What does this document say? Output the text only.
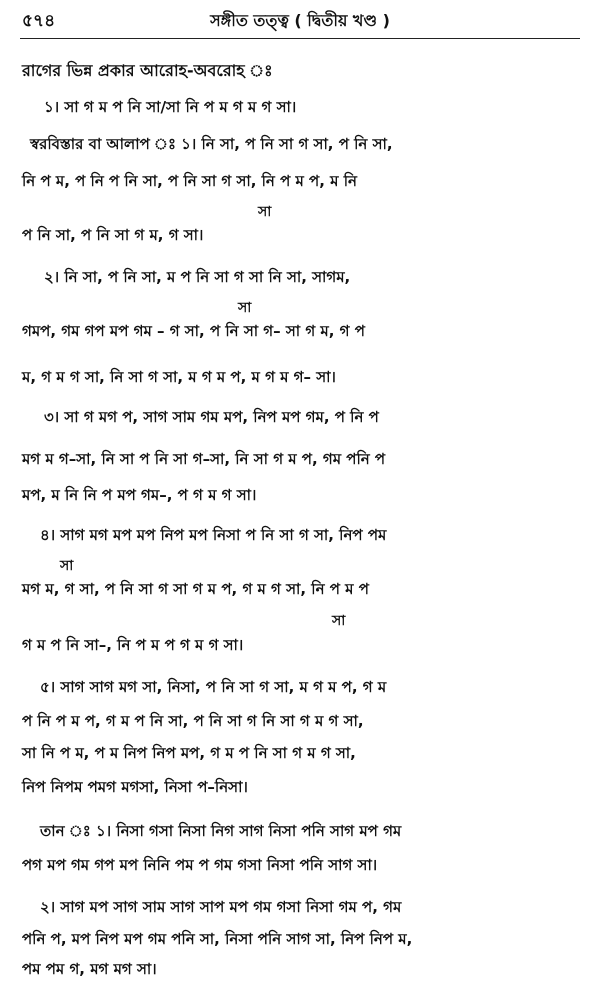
৫৭৪	সঙ্গীত তত্ত্ব ( দ্বিতীয় খণ্ড )
রাগের ভিন্ন প্রকার আরোহ-অবরোহ ঃ
১। সা গ ম প নি সা/সা নি প ম গ ম গ সা।
স্বরবিস্তার বা আলাপ ঃ ১। নি সা, প নি সা গ সা, প নি সা,
নি প ম, প নি প নি সা, প নি সা গ সা, নি প ম প, ম নি
সা
প নি সা, প নি সা গ ম, গ সা।
২। নি সা, প নি সা, ম প নি সা গ সা নি সা, সাগম,
সা
গমপ, গম গপ মপ গম – গ সা, প নি সা গ– সা গ ম, গ প
ম, গ ম গ সা, নি সা গ সা, ম গ ম প, ম গ ম গ– সা।
৩। সা গ মগ প, সাগ সাম গম মপ, নিপ মপ গম, প নি প
মগ ম গ–সা, নি সা প নি সা গ–সা, নি সা গ ম প, গম পনি প
মপ, ম নি নি প মপ গম–, প গ ম গ সা।
৪। সাগ মগ মপ মপ নিপ মপ নিসা প নি সা গ সা, নিপ পম
সা
মগ ম, গ সা, প নি সা গ সা গ ম প, গ ম গ সা, নি প ম প
সা
গ ম প নি সা–, নি প ম প গ ম গ সা।
৫। সাগ সাগ মগ সা, নিসা, প নি সা গ সা, ম গ ম প, গ ম
প নি প ম প, গ ম প নি সা, প নি সা গ নি সা গ ম গ সা,
সা নি প ম, প ম নিপ নিপ মপ, গ ম প নি সা গ ম গ সা,
নিপ নিপম পমগ মগসা, নিসা প–নিসা।
তান ঃ ১। নিসা গসা নিসা নিগ সাগ নিসা পনি সাগ মপ গম
পগ মপ গম গপ মপ নিনি পম প গম গসা নিসা পনি সাগ সা।
২। সাগ মপ সাগ সাম সাগ সাপ মপ গম গসা নিসা গম প, গম
পনি প, মপ নিপ মপ গম পনি সা, নিসা পনি সাগ সা, নিপ নিপ ম,
পম পম গ, মগ মগ সা।
